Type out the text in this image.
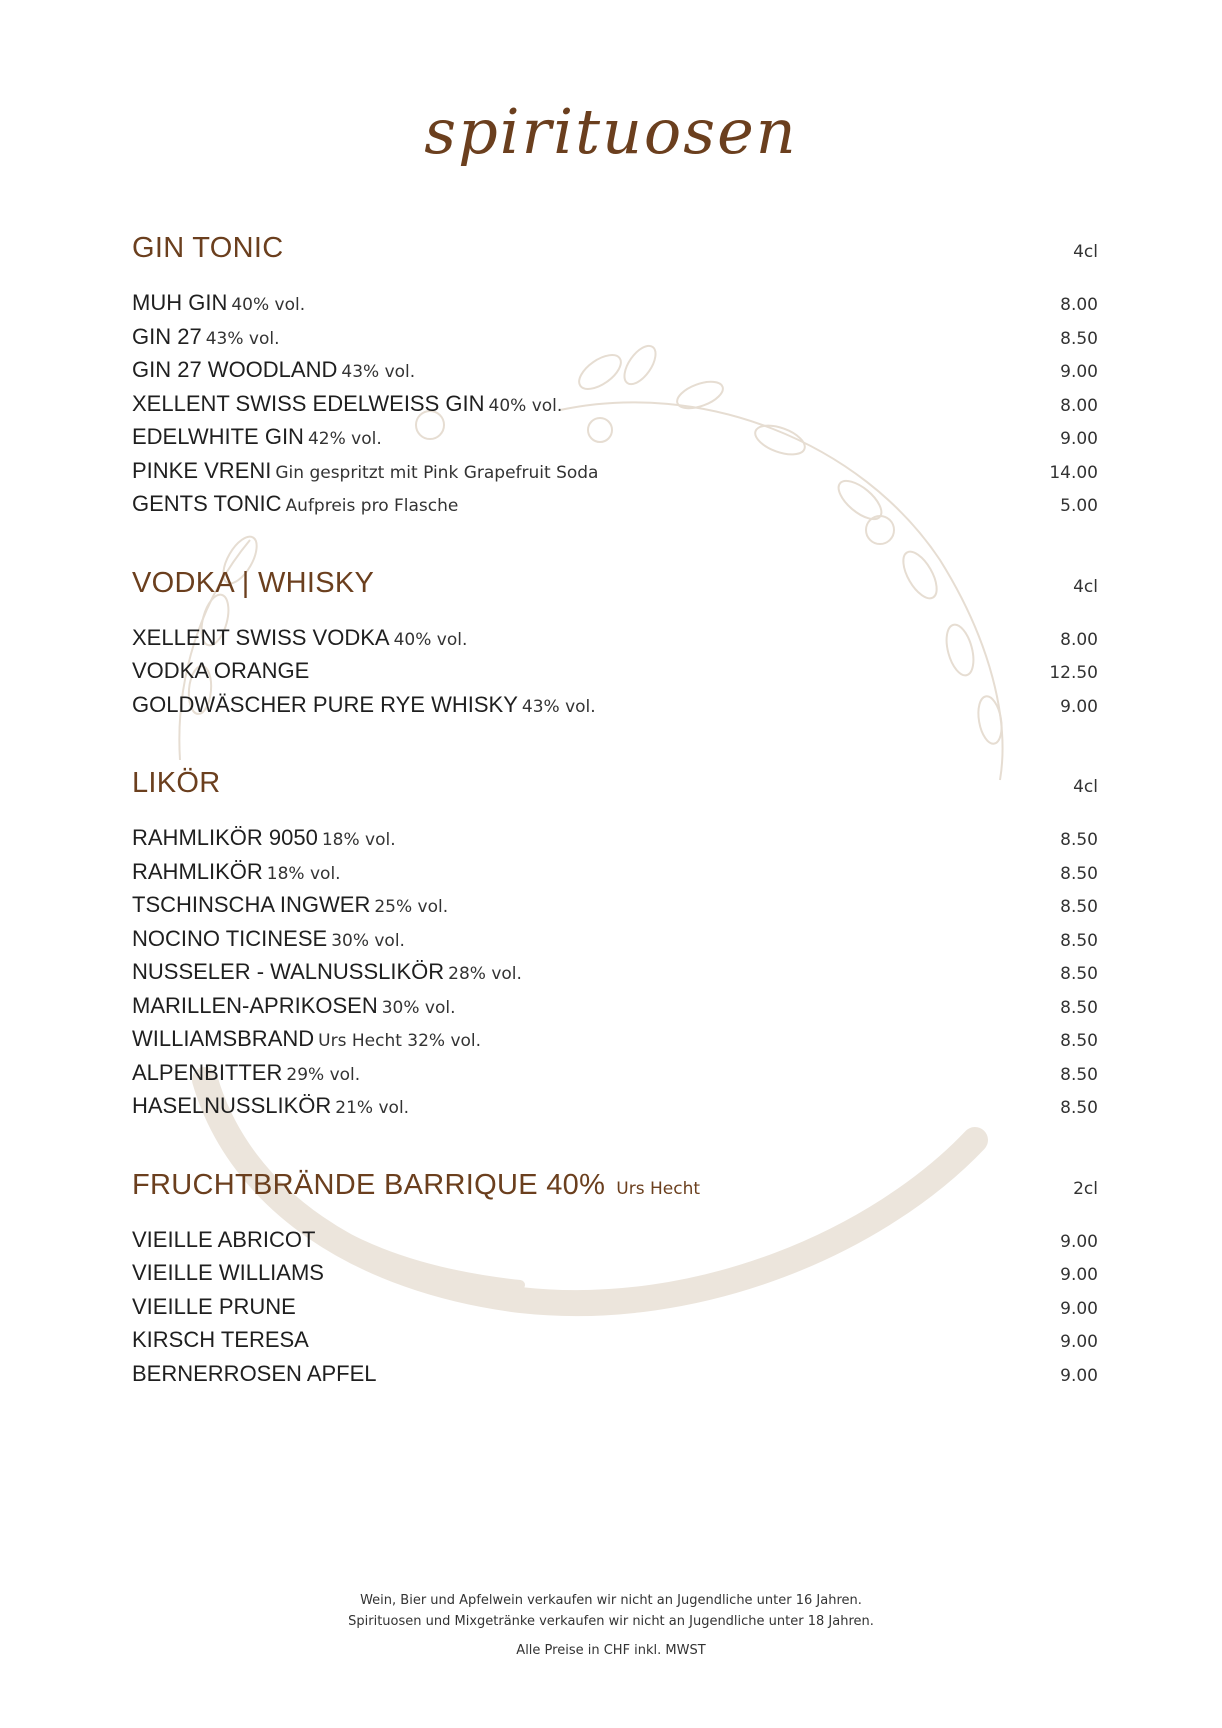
spirituosen
GIN TONIC	4cl
MUH GIN 40% vol.	8.00
GIN 27 43% vol.	8.50
GIN 27 WOODLAND 43% vol.	9.00
XELLENT SWISS EDELWEISS GIN 40% vol.	8.00
EDELWHITE GIN 42% vol.	9.00
PINKE VRENI Gin gespritzt mit Pink Grapefruit Soda	14.00
GENTS TONIC Aufpreis pro Flasche	5.00
VODKA | WHISKY	4cl
XELLENT SWISS VODKA 40% vol.	8.00
VODKA ORANGE	12.50
GOLDWÄSCHER PURE RYE WHISKY 43% vol.	9.00
LIKÖR	4cl
RAHMLIKÖR 9050 18% vol.	8.50
RAHMLIKÖR 18% vol.	8.50
TSCHINSCHA INGWER 25% vol.	8.50
NOCINO TICINESE 30% vol.	8.50
NUSSELER - WALNUSSLIKÖR 28% vol.	8.50
MARILLEN-APRIKOSEN 30% vol.	8.50
WILLIAMSBRAND Urs Hecht 32% vol.	8.50
ALPENBITTER 29% vol.	8.50
HASELNUSSLIKÖR 21% vol.	8.50
FRUCHTBRÄNDE BARRIQUE 40% Urs Hecht	2cl
VIEILLE ABRICOT	9.00
VIEILLE WILLIAMS	9.00
VIEILLE PRUNE	9.00
KIRSCH TERESA	9.00
BERNERROSEN APFEL	9.00
Wein, Bier und Apfelwein verkaufen wir nicht an Jugendliche unter 16 Jahren.
Spirituosen und Mixgetränke verkaufen wir nicht an Jugendliche unter 18 Jahren.
Alle Preise in CHF inkl. MWST
